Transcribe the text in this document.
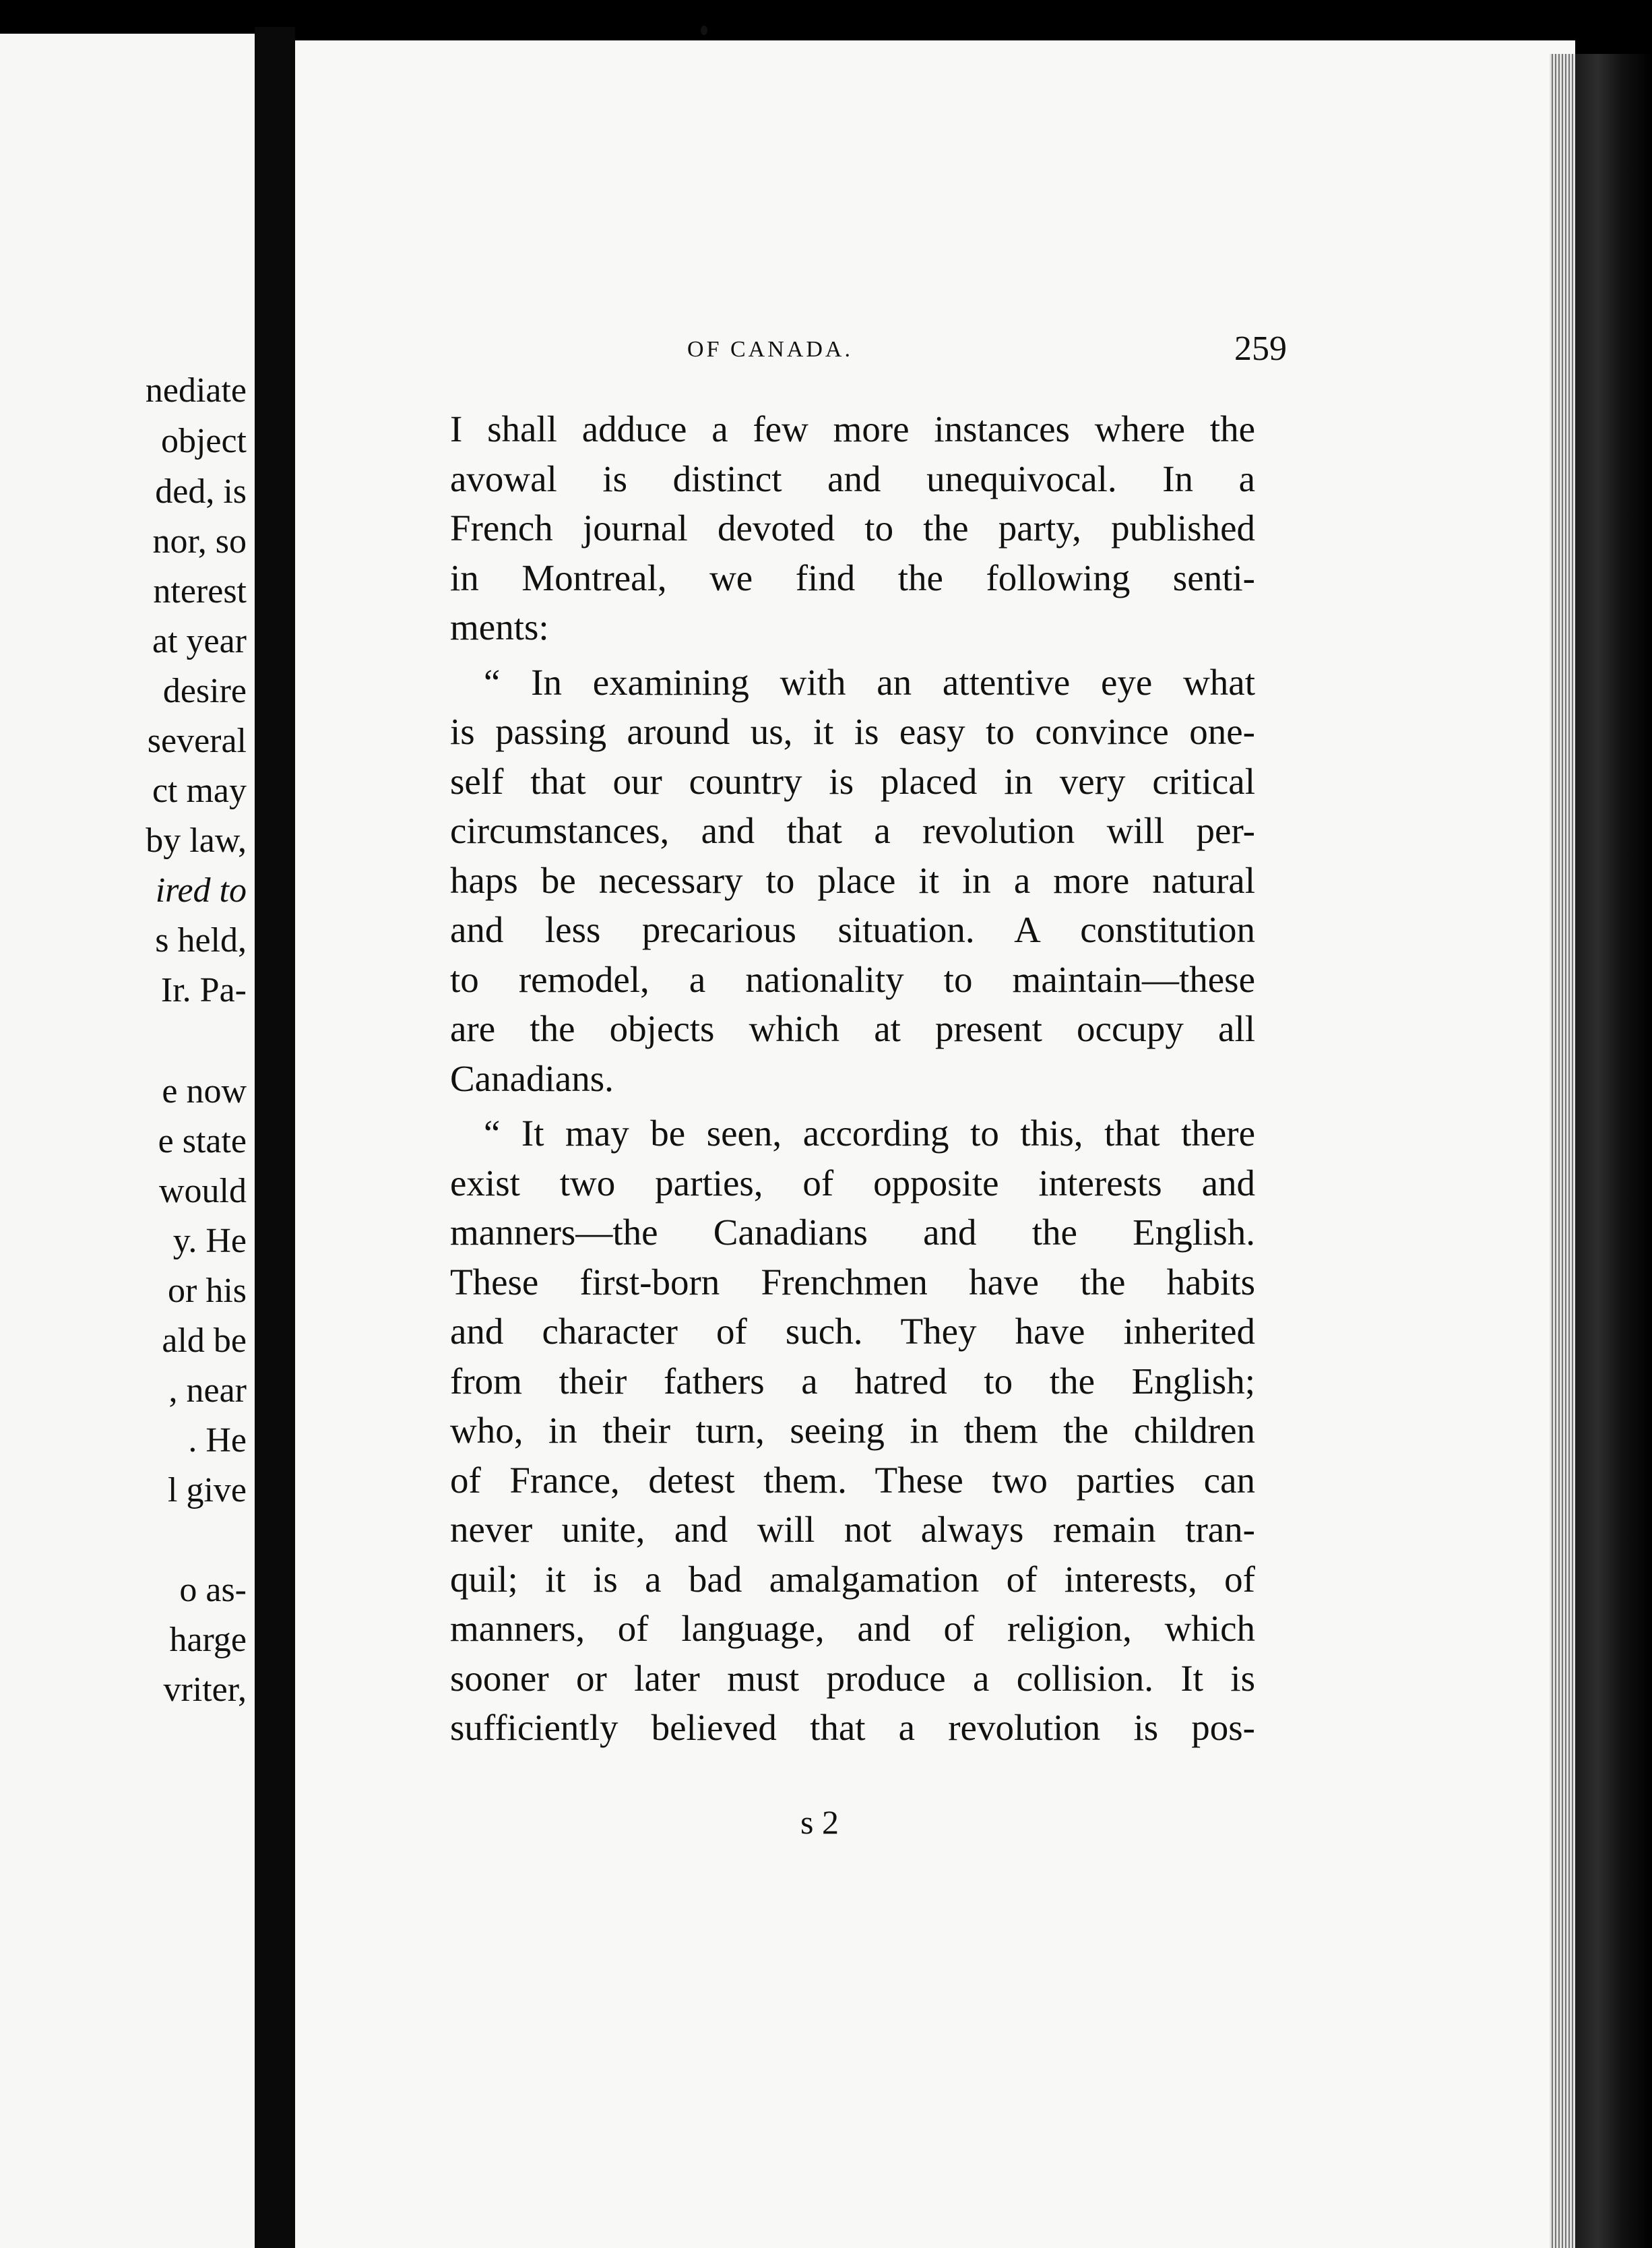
nediate

object

ded, is

nor, so

nterest

at year

desire

several

ct may

by law,

ired to

s held,

Ir. Pa-

e now

e state

would

y. He

or his

ald be

, near

. He

l give

o as-

harge

vriter,

OF CANADA.	259

I shall adduce a few more instances where the

avowal is distinct and unequivocal. In a

French journal devoted to the party, published

in Montreal, we find the following senti-

ments:

“ In examining with an attentive eye what

is passing around us, it is easy to convince one-

self that our country is placed in very critical

circumstances, and that a revolution will per-

haps be necessary to place it in a more natural

and less precarious situation. A constitution

to remodel, a nationality to maintain—these

are the objects which at present occupy all

Canadians.

“ It may be seen, according to this, that there

exist two parties, of opposite interests and

manners—the Canadians and the English.

These first-born Frenchmen have the habits

and character of such. They have inherited

from their fathers a hatred to the English;

who, in their turn, seeing in them the children

of France, detest them. These two parties can

never unite, and will not always remain tran-

quil; it is a bad amalgamation of interests, of

manners, of language, and of religion, which

sooner or later must produce a collision. It is

sufficiently believed that a revolution is pos-

s 2
